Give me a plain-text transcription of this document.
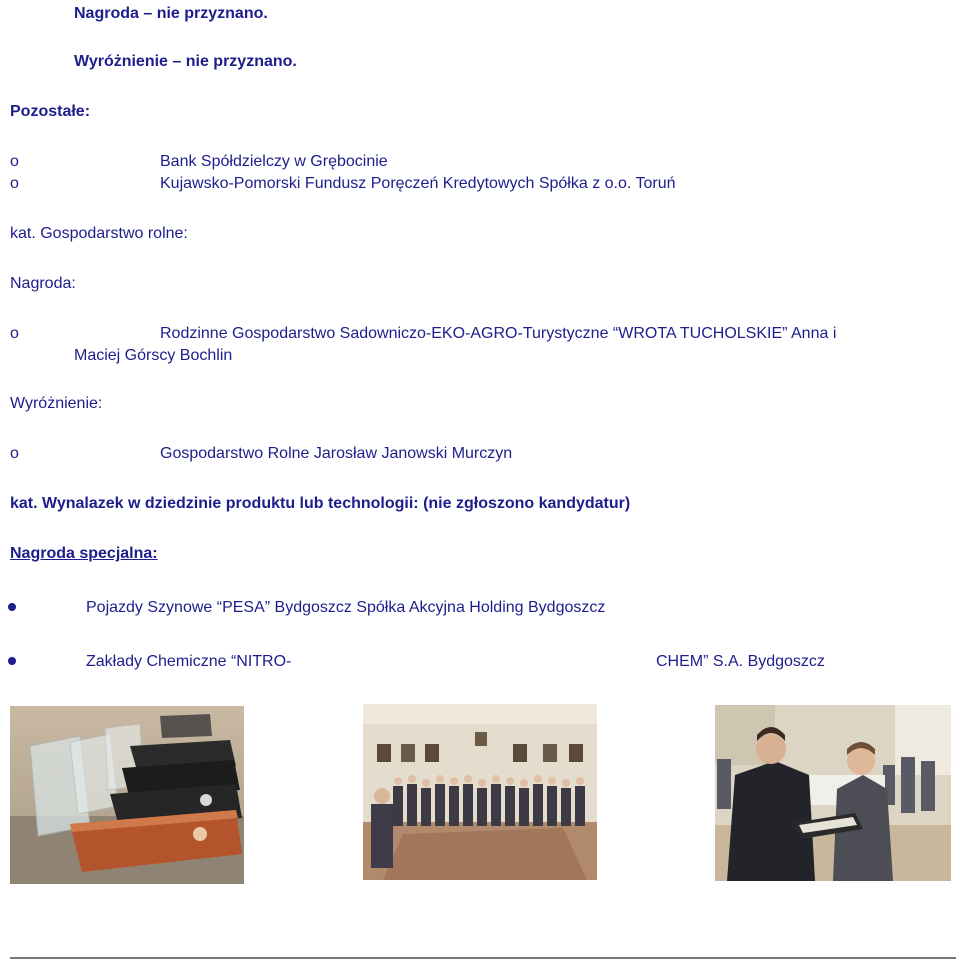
Nagroda – nie przyznano.
Wyróżnienie – nie przyznano.
Pozostałe:
o	Bank Spółdzielczy w Grębocinie
o	Kujawsko-Pomorski Fundusz Poręczeń Kredytowych Spółka z o.o. Toruń
kat. Gospodarstwo rolne:
Nagroda:
o	Rodzinne Gospodarstwo Sadowniczo-EKO-AGRO-Turystyczne “WROTA TUCHOLSKIE” Anna i
Maciej Górscy Bochlin
Wyróżnienie:
o	Gospodarstwo Rolne Jarosław Janowski Murczyn
kat. Wynalazek w dziedzinie produktu lub technologii: (nie zgłoszono kandydatur)
Nagroda specjalna:
Pojazdy Szynowe “PESA” Bydgoszcz Spółka Akcyjna Holding Bydgoszcz
Zakłady Chemiczne “NITRO-	CHEM” S.A. Bydgoszcz
